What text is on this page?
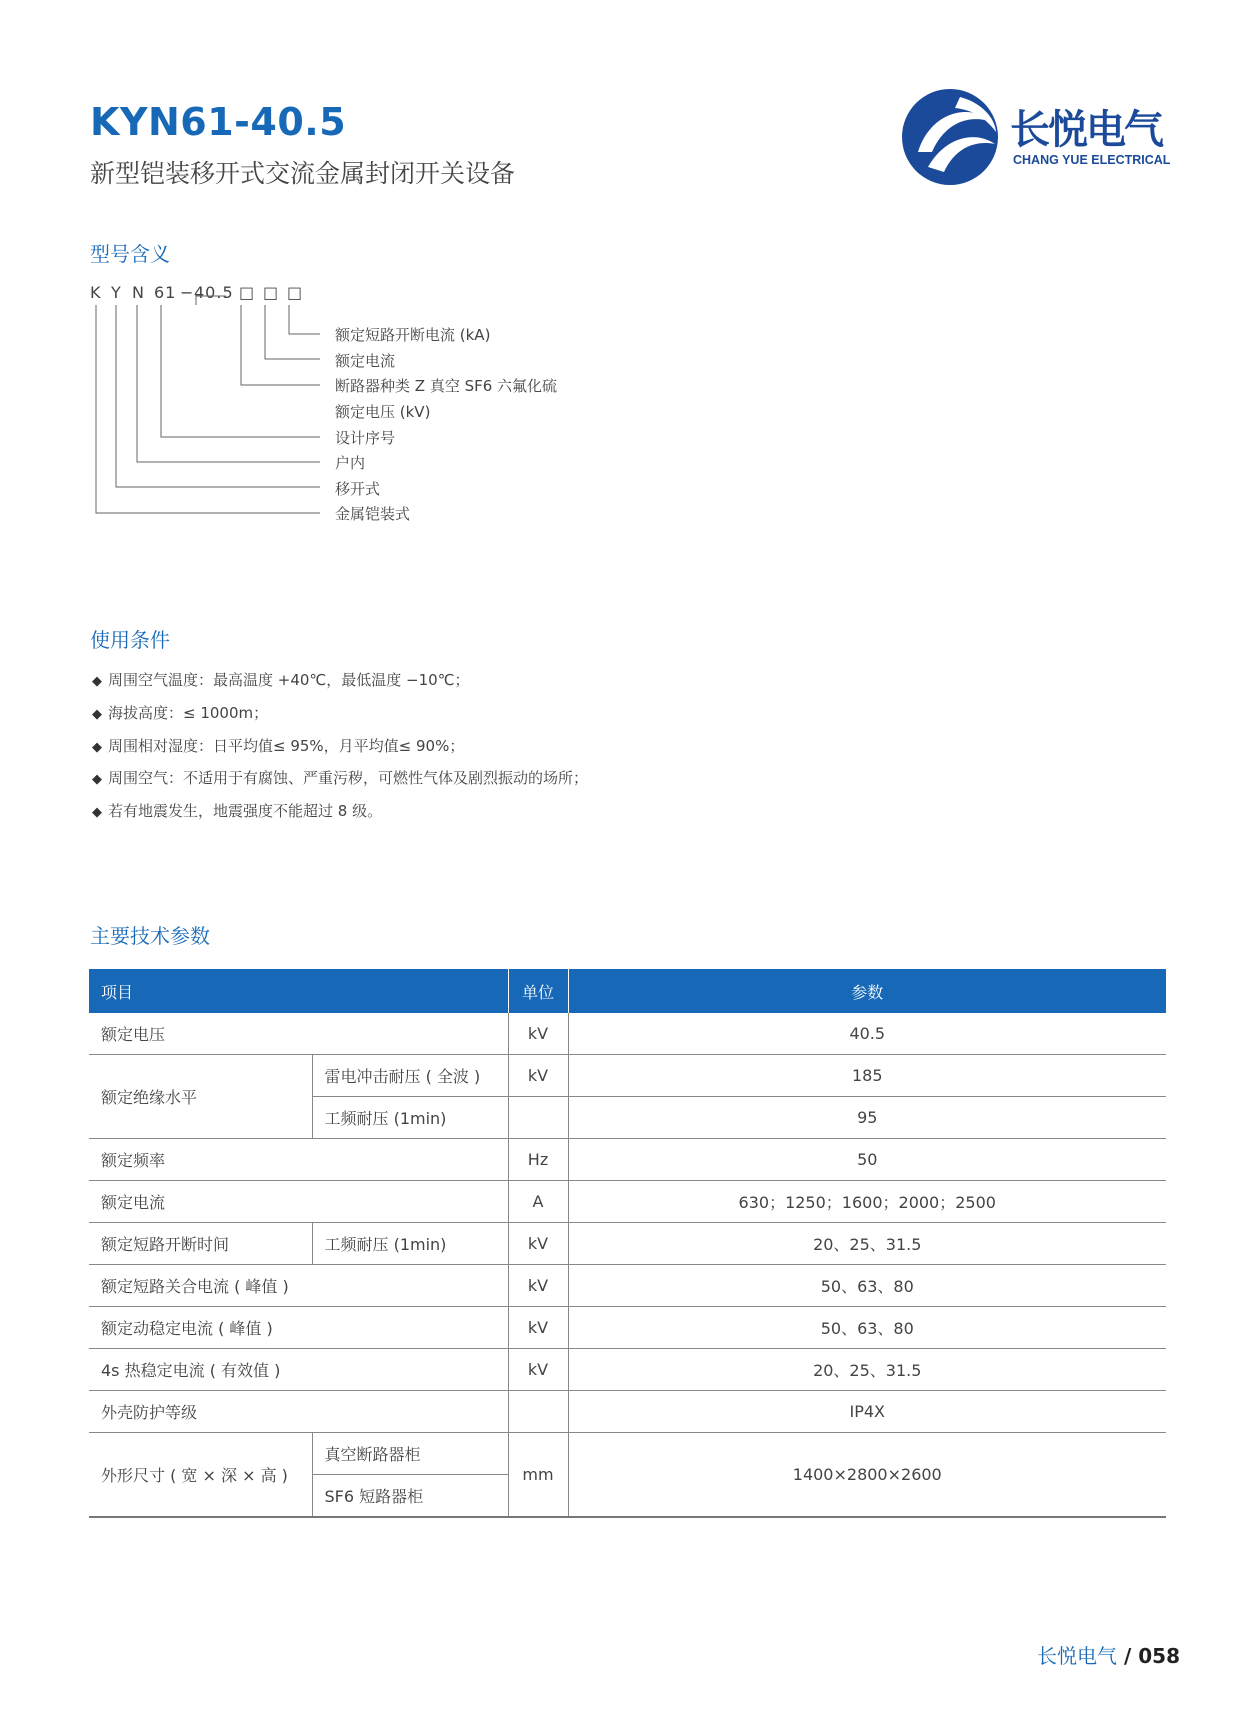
KYN61-40.5
新型铠装移开式交流金属封闭开关设备
长悦电气
CHANG YUE ELECTRICAL
型号含义
K Y N 61 −40.5 □ □ □
额定短路开断电流 (kA)
额定电流
断路器种类 Z 真空 SF6 六氟化硫
额定电压 (kV)
设计序号
户内
移开式
金属铠装式
使用条件
◆ 周围空气温度：最高温度 +40℃，最低温度 −10℃；
◆ 海拔高度：≤ 1000m；
◆ 周围相对湿度：日平均值≤ 95%，月平均值≤ 90%；
◆ 周围空气：不适用于有腐蚀、严重污秽，可燃性气体及剧烈振动的场所；
◆ 若有地震发生，地震强度不能超过 8 级。
主要技术参数
项目		单位	参数
额定电压		kV	40.5
额定绝缘水平	雷电冲击耐压 ( 全波 )	kV	185
	工频耐压 (1min)		95
额定频率		Hz	50
额定电流		A	630；1250；1600；2000；2500
额定短路开断时间	工频耐压 (1min)	kV	20、25、31.5
额定短路关合电流 ( 峰值 )		kV	50、63、80
额定动稳定电流 ( 峰值 )		kV	50、63、80
4s 热稳定电流 ( 有效值 )		kV	20、25、31.5
外壳防护等级			IP4X
外形尺寸 ( 宽 × 深 × 高 )	真空断路器柜	mm	1400×2800×2600
	SF6 短路器柜		
长悦电气 / 058
